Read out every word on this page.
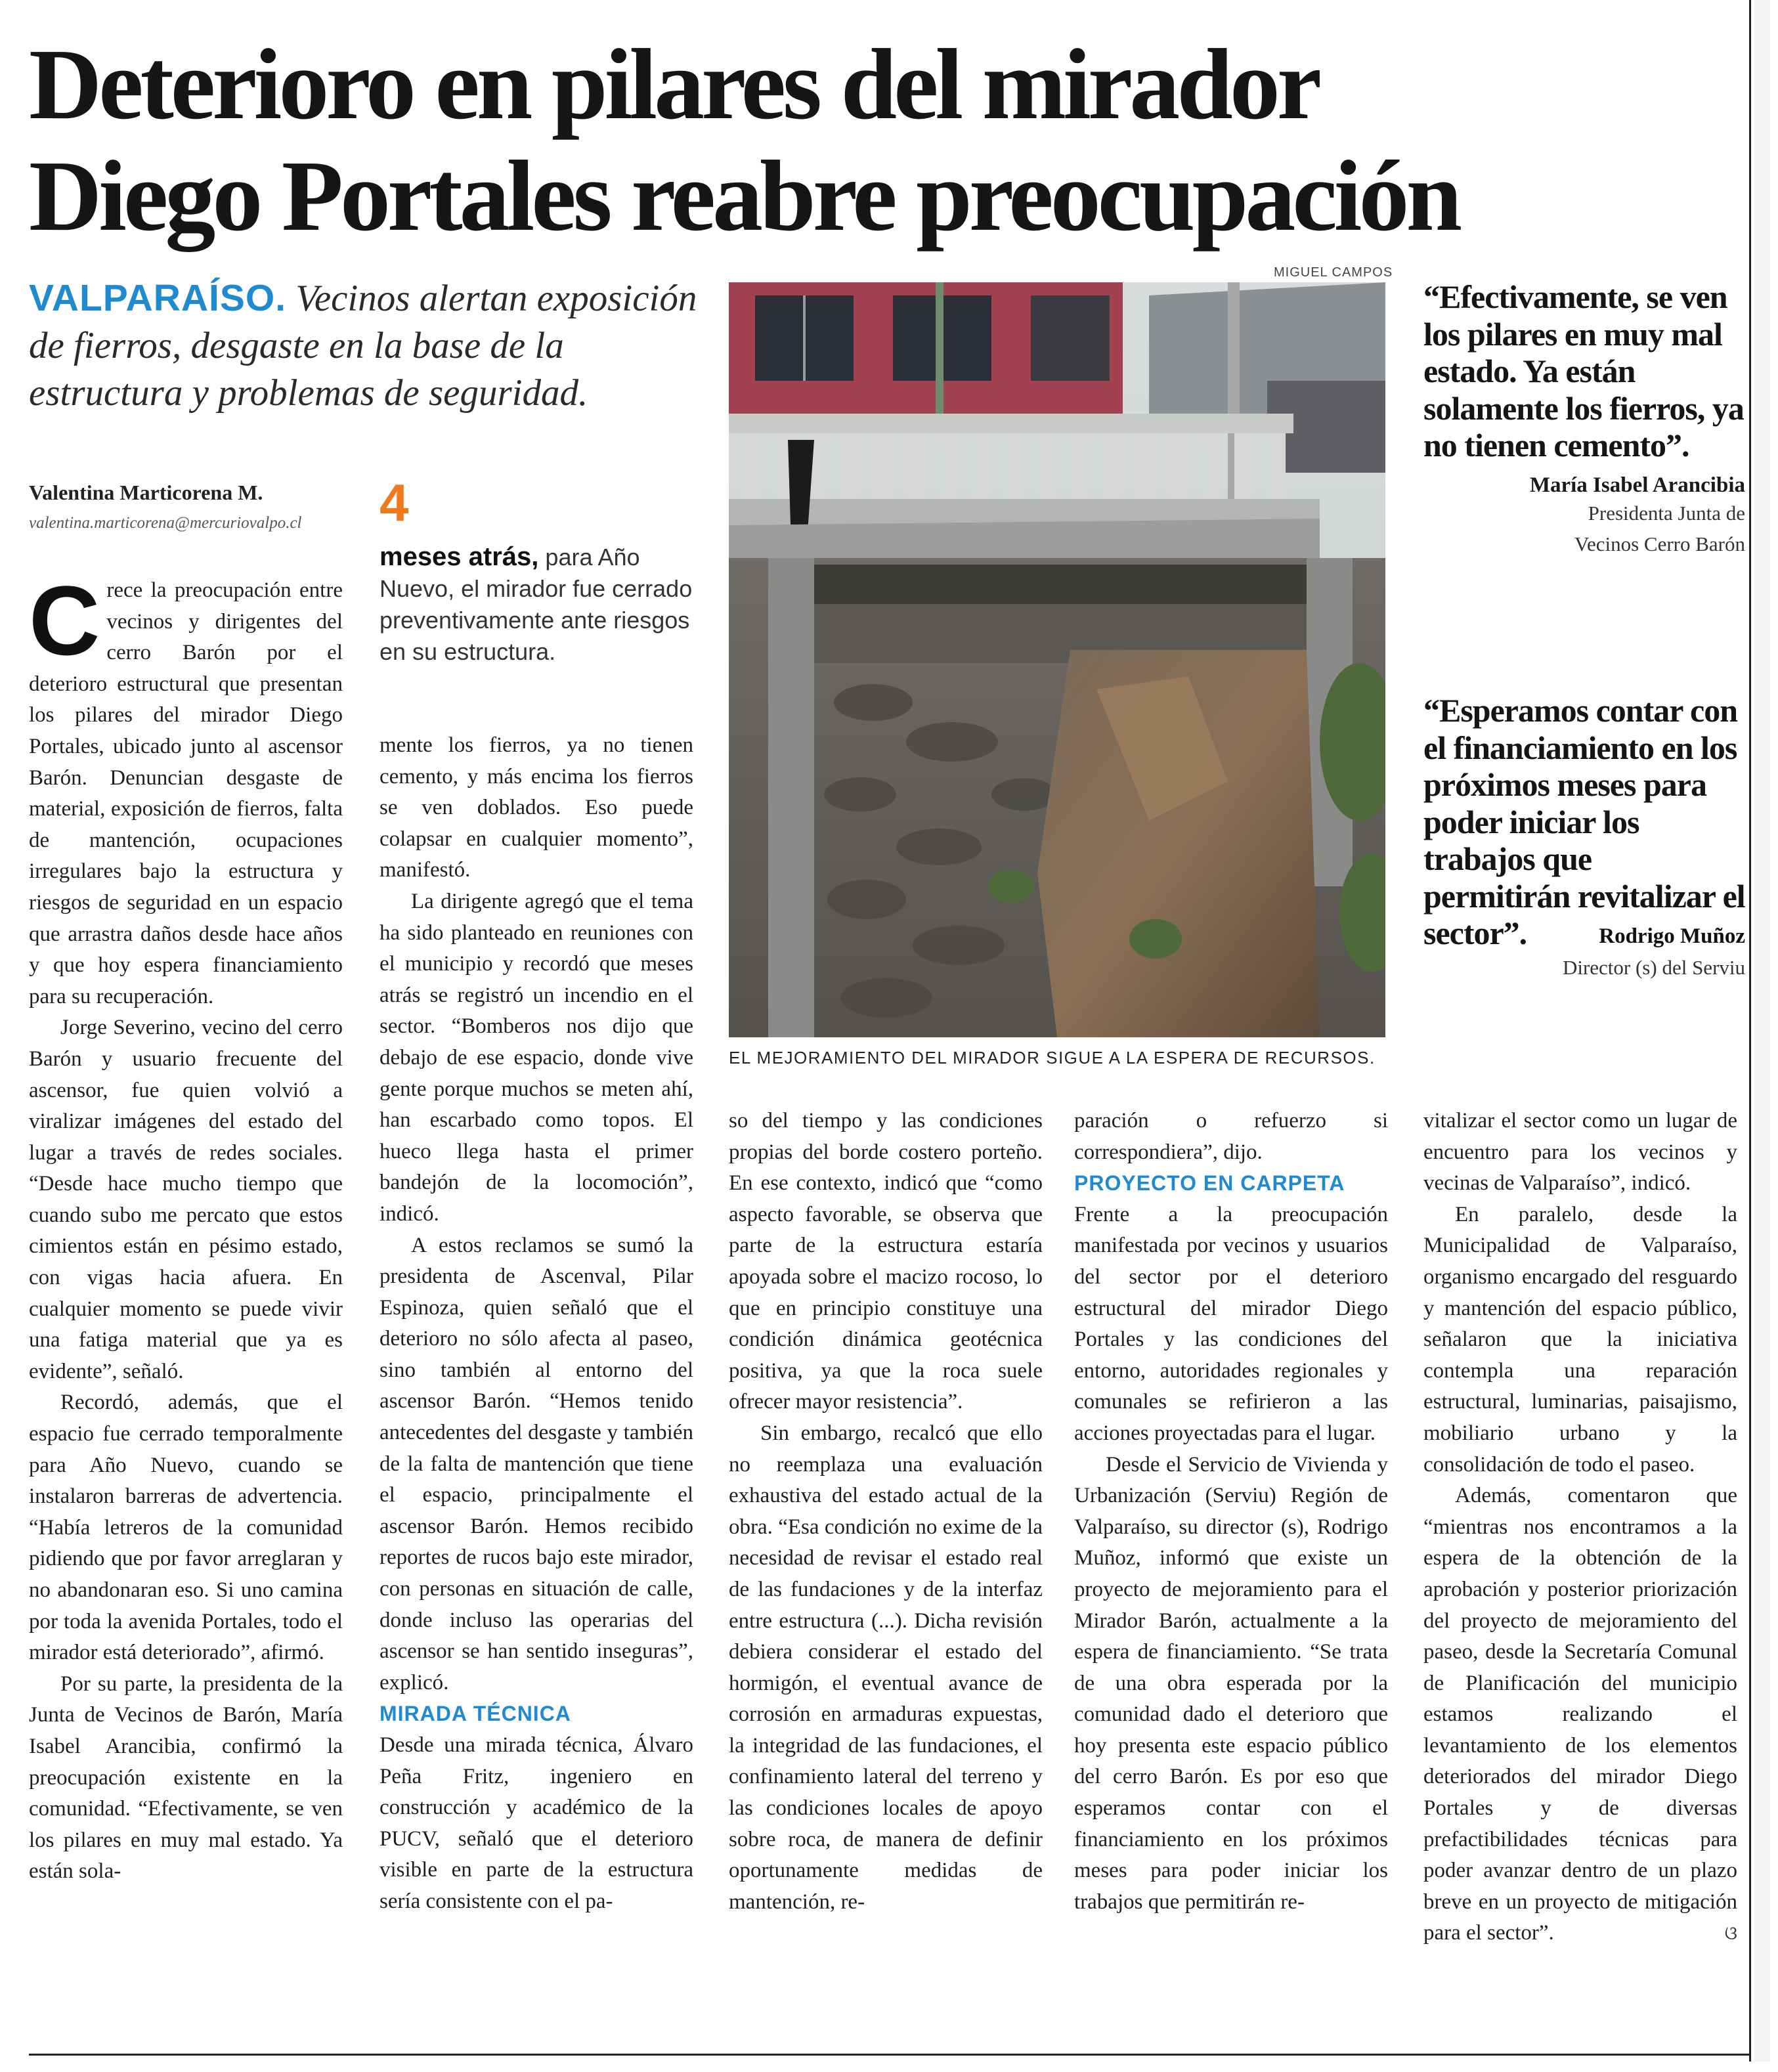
Deterioro en pilares del mirador
Diego Portales reabre preocupación

VALPARAÍSO. Vecinos alertan exposición de fierros, desgaste en la base de la estructura y problemas de seguridad.

Valentina Marticorena M.
valentina.marticorena@mercuriovalpo.cl	4
meses atrás, para Año Nuevo, el mirador fue cerrado preventivamente ante riesgos en su estructura.

Crece la preocupación entre vecinos y dirigentes del cerro Barón por el deterioro estructural que presentan los pilares del mirador Diego Portales, ubicado junto al ascensor Barón. Denuncian desgaste de material, exposición de fierros, falta de mantención, ocupaciones irregulares bajo la estructura y riesgos de seguridad en un espacio que arrastra daños desde hace años y que hoy espera financiamiento para su recuperación.

Jorge Severino, vecino del cerro Barón y usuario frecuente del ascensor, fue quien volvió a viralizar imágenes del estado del lugar a través de redes sociales. “Desde hace mucho tiempo que cuando subo me percato que estos cimientos están en pésimo estado, con vigas hacia afuera. En cualquier momento se puede vivir una fatiga material que ya es evidente”, señaló.

Recordó, además, que el espacio fue cerrado temporalmente para Año Nuevo, cuando se instalaron barreras de advertencia. “Había letreros de la comunidad pidiendo que por favor arreglaran y no abandonaran eso. Si uno camina por toda la avenida Portales, todo el mirador está deteriorado”, afirmó.

Por su parte, la presidenta de la Junta de Vecinos de Barón, María Isabel Arancibia, confirmó la preocupación existente en la comunidad. “Efectivamente, se ven los pilares en muy mal estado. Ya están sola-

mente los fierros, ya no tienen cemento, y más encima los fierros se ven doblados. Eso puede colapsar en cualquier momento”, manifestó.

La dirigente agregó que el tema ha sido planteado en reuniones con el municipio y recordó que meses atrás se registró un incendio en el sector. “Bomberos nos dijo que debajo de ese espacio, donde vive gente porque muchos se meten ahí, han escarbado como topos. El hueco llega hasta el primer bandejón de la locomoción”, indicó.

A estos reclamos se sumó la presidenta de Ascenval, Pilar Espinoza, quien señaló que el deterioro no sólo afecta al paseo, sino también al entorno del ascensor Barón. “Hemos tenido antecedentes del desgaste y también de la falta de mantención que tiene el espacio, principalmente el ascensor Barón. Hemos recibido reportes de rucos bajo este mirador, con personas en situación de calle, donde incluso las operarias del ascensor se han sentido inseguras”, explicó.

MIRADA TÉCNICA

Desde una mirada técnica, Álvaro Peña Fritz, ingeniero en construcción y académico de la PUCV, señaló que el deterioro visible en parte de la estructura sería consistente con el pa-

MIGUEL CAMPOS
EL MEJORAMIENTO DEL MIRADOR SIGUE A LA ESPERA DE RECURSOS.

so del tiempo y las condiciones propias del borde costero porteño. En ese contexto, indicó que “como aspecto favorable, se observa que parte de la estructura estaría apoyada sobre el macizo rocoso, lo que en principio constituye una condición dinámica geotécnica positiva, ya que la roca suele ofrecer mayor resistencia”.

Sin embargo, recalcó que ello no reemplaza una evaluación exhaustiva del estado actual de la obra. “Esa condición no exime de la necesidad de revisar el estado real de las fundaciones y de la interfaz entre estructura (...). Dicha revisión debiera considerar el estado del hormigón, el eventual avance de corrosión en armaduras expuestas, la integridad de las fundaciones, el confinamiento lateral del terreno y las condiciones locales de apoyo sobre roca, de manera de definir oportunamente medidas de mantención, re-

paración o refuerzo si correspondiera”, dijo.

PROYECTO EN CARPETA

Frente a la preocupación manifestada por vecinos y usuarios del sector por el deterioro estructural del mirador Diego Portales y las condiciones del entorno, autoridades regionales y comunales se refirieron a las acciones proyectadas para el lugar.

Desde el Servicio de Vivienda y Urbanización (Serviu) Región de Valparaíso, su director (s), Rodrigo Muñoz, informó que existe un proyecto de mejoramiento para el Mirador Barón, actualmente a la espera de financiamiento. “Se trata de una obra esperada por la comunidad dado el deterioro que hoy presenta este espacio público del cerro Barón. Es por eso que esperamos contar con el financiamiento en los próximos meses para poder iniciar los trabajos que permitirán re-

“Efectivamente, se ven los pilares en muy mal estado. Ya están solamente los fierros, ya no tienen cemento”.
María Isabel Arancibia
Presidenta Junta de
Vecinos Cerro Barón
“Esperamos contar con el financiamiento en los próximos meses para poder iniciar los trabajos que permitirán revitalizar el sector”.	Rodrigo Muñoz
Director (s) del Serviu

vitalizar el sector como un lugar de encuentro para los vecinos y vecinas de Valparaíso”, indicó.

En paralelo, desde la Municipalidad de Valparaíso, organismo encargado del resguardo y mantención del espacio público, señalaron que la iniciativa contempla una reparación estructural, luminarias, paisajismo, mobiliario urbano y la consolidación de todo el paseo.

Además, comentaron que “mientras nos encontramos a la espera de la obtención de la aprobación y posterior priorización del proyecto de mejoramiento del paseo, desde la Secretaría Comunal de Planificación del municipio estamos realizando el levantamiento de los elementos deteriorados del mirador Diego Portales y de diversas prefactibilidades técnicas para poder avanzar dentro de un plazo breve en un proyecto de mitigación para el sector”.	ଓ
